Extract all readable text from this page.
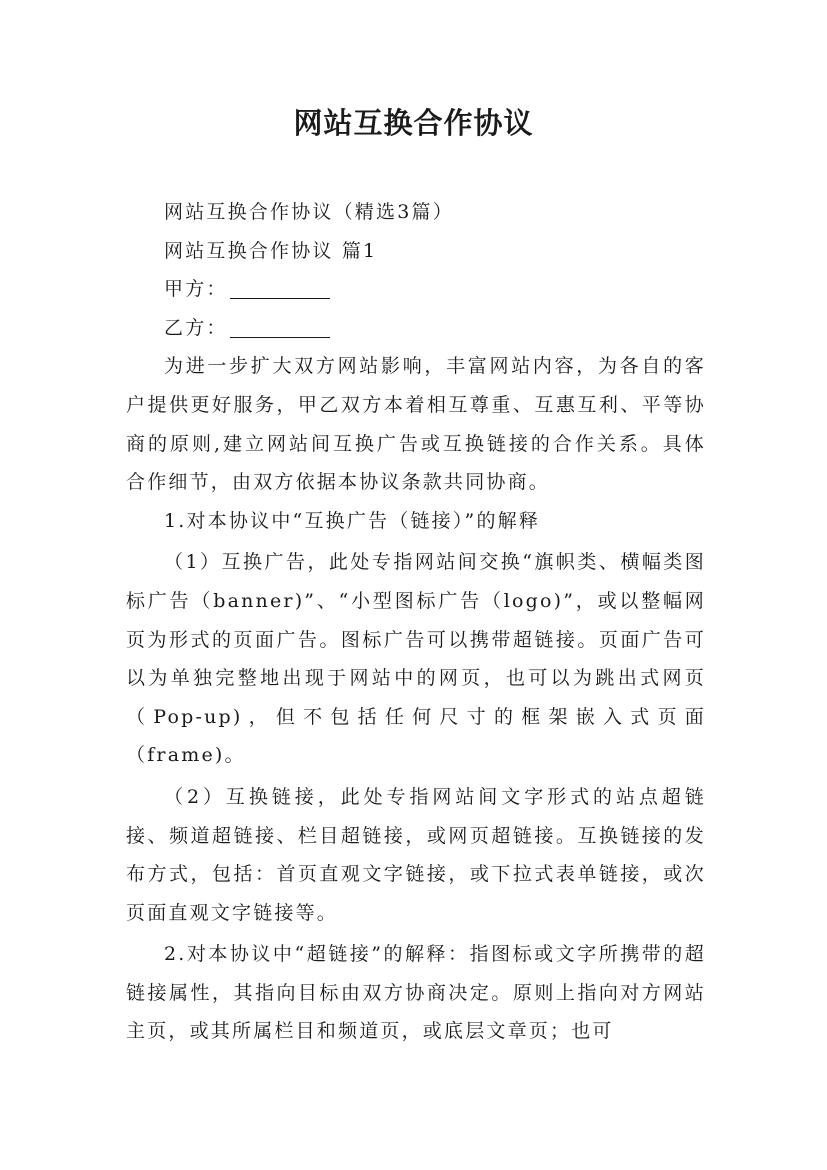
网站互换合作协议

网站互换合作协议（精选3篇）

网站互换合作协议 篇1

甲方：

乙方：

为进一步扩大双方网站影响，丰富网站内容，为各自的客户提供更好服务，甲乙双方本着相互尊重、互惠互利、平等协商的原则,建立网站间互换广告或互换链接的合作关系。具体合作细节，由双方依据本协议条款共同协商。

1.对本协议中“互换广告（链接）”的解释

（1）互换广告，此处专指网站间交换“旗帜类、横幅类图标广告（banner)”、“小型图标广告（logo)”，或以整幅网页为形式的页面广告。图标广告可以携带超链接。页面广告可以为单独完整地出现于网站中的网页，也可以为跳出式网页（Pop-up)，但不包括任何尺寸的框架嵌入式页面（frame)。

（2）互换链接，此处专指网站间文字形式的站点超链接、频道超链接、栏目超链接，或网页超链接。互换链接的发布方式，包括：首页直观文字链接，或下拉式表单链接，或次页面直观文字链接等。

2.对本协议中“超链接”的解释：指图标或文字所携带的超链接属性，其指向目标由双方协商决定。原则上指向对方网站主页，或其所属栏目和频道页，或底层文章页；也可
